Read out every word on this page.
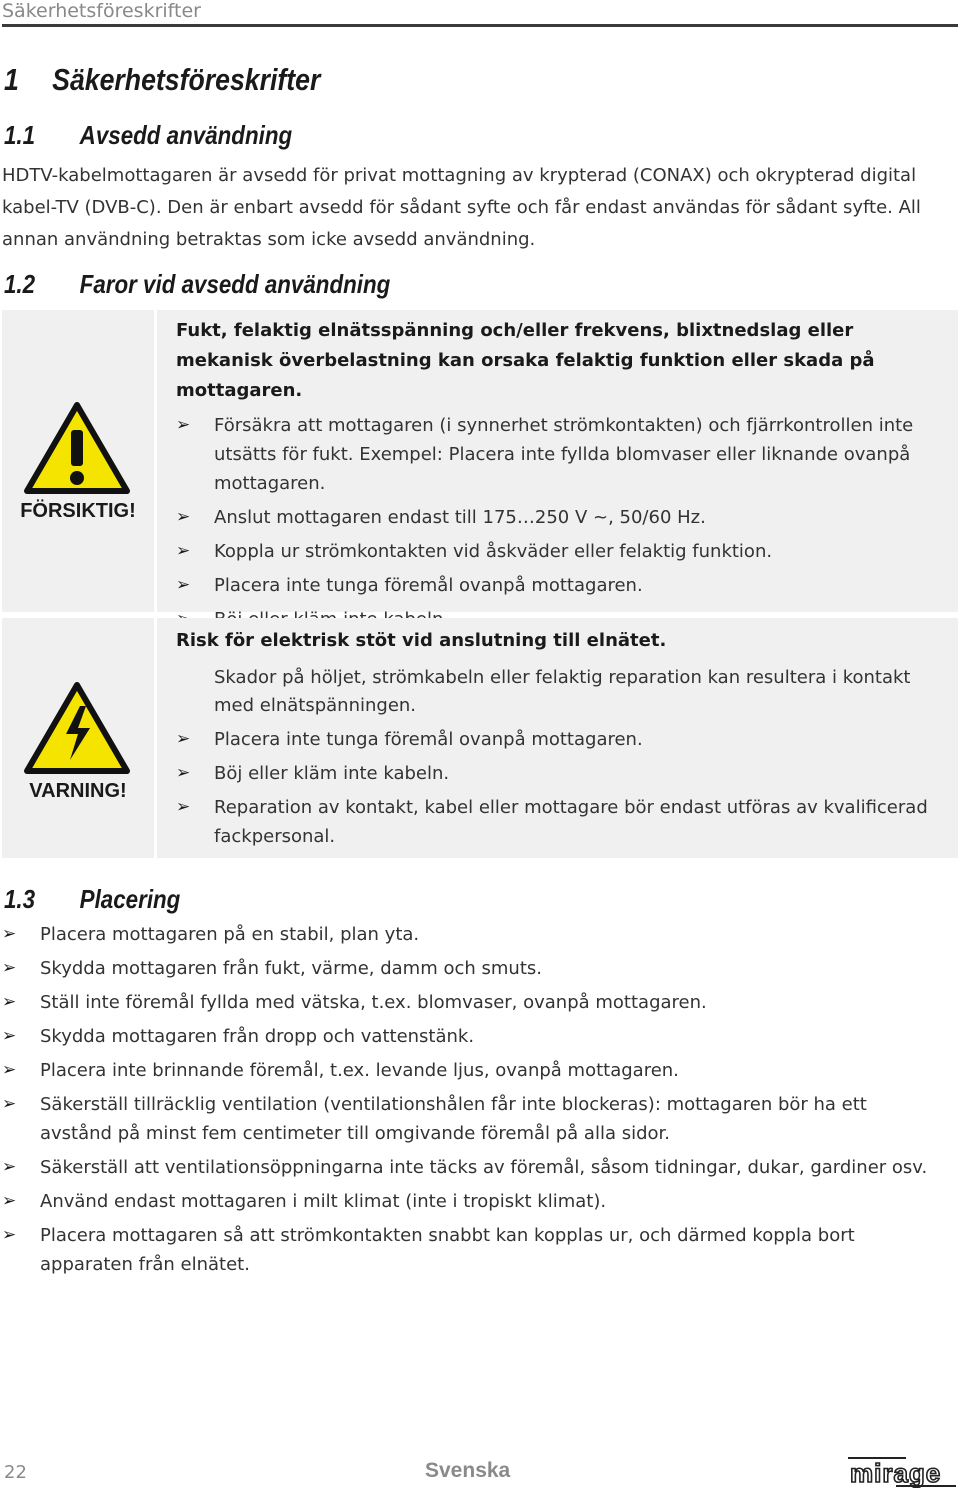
Säkerhetsföreskrifter
1 Säkerhetsföreskrifter
1.1 Avsedd användning
HDTV-kabelmottagaren är avsedd för privat mottagning av krypterad (CONAX) och okrypterad digital kabel-TV (DVB-C). Den är enbart avsedd för sådant syfte och får endast användas för sådant syfte. All annan användning betraktas som icke avsedd användning.
1.2 Faror vid avsedd användning
FÖRSIKTIG!
Fukt, felaktig elnätsspänning och/eller frekvens, blixtnedslag eller mekanisk överbelastning kan orsaka felaktig funktion eller skada på mottagaren.
➢ Försäkra att mottagaren (i synnerhet strömkontakten) och fjärrkontrollen inte utsätts för fukt. Exempel: Placera inte fyllda blomvaser eller liknande ovanpå mottagaren.
➢ Anslut mottagaren endast till 175…250 V ~, 50/60 Hz.
➢ Koppla ur strömkontakten vid åskväder eller felaktig funktion.
➢ Placera inte tunga föremål ovanpå mottagaren.
VARNING!
Risk för elektrisk stöt vid anslutning till elnätet.
Skador på höljet, strömkabeln eller felaktig reparation kan resultera i kontakt med elnätspänningen.
➢ Placera inte tunga föremål ovanpå mottagaren.
➢ Böj eller kläm inte kabeln.
➢ Reparation av kontakt, kabel eller mottagare bör endast utföras av kvalificerad fackpersonal.
1.3 Placering
➢ Placera mottagaren på en stabil, plan yta.
➢ Skydda mottagaren från fukt, värme, damm och smuts.
➢ Ställ inte föremål fyllda med vätska, t.ex. blomvaser, ovanpå mottagaren.
➢ Skydda mottagaren från dropp och vattenstänk.
➢ Placera inte brinnande föremål, t.ex. levande ljus, ovanpå mottagaren.
➢ Säkerställ tillräcklig ventilation (ventilationshålen får inte blockeras): mottagaren bör ha ett avstånd på minst fem centimeter till omgivande föremål på alla sidor.
➢ Säkerställ att ventilationsöppningarna inte täcks av föremål, såsom tidningar, dukar, gardiner osv.
➢ Använd endast mottagaren i milt klimat (inte i tropiskt klimat).
➢ Placera mottagaren så att strömkontakten snabbt kan kopplas ur, och därmed koppla bort apparaten från elnätet.
22	Svenska	mirage
